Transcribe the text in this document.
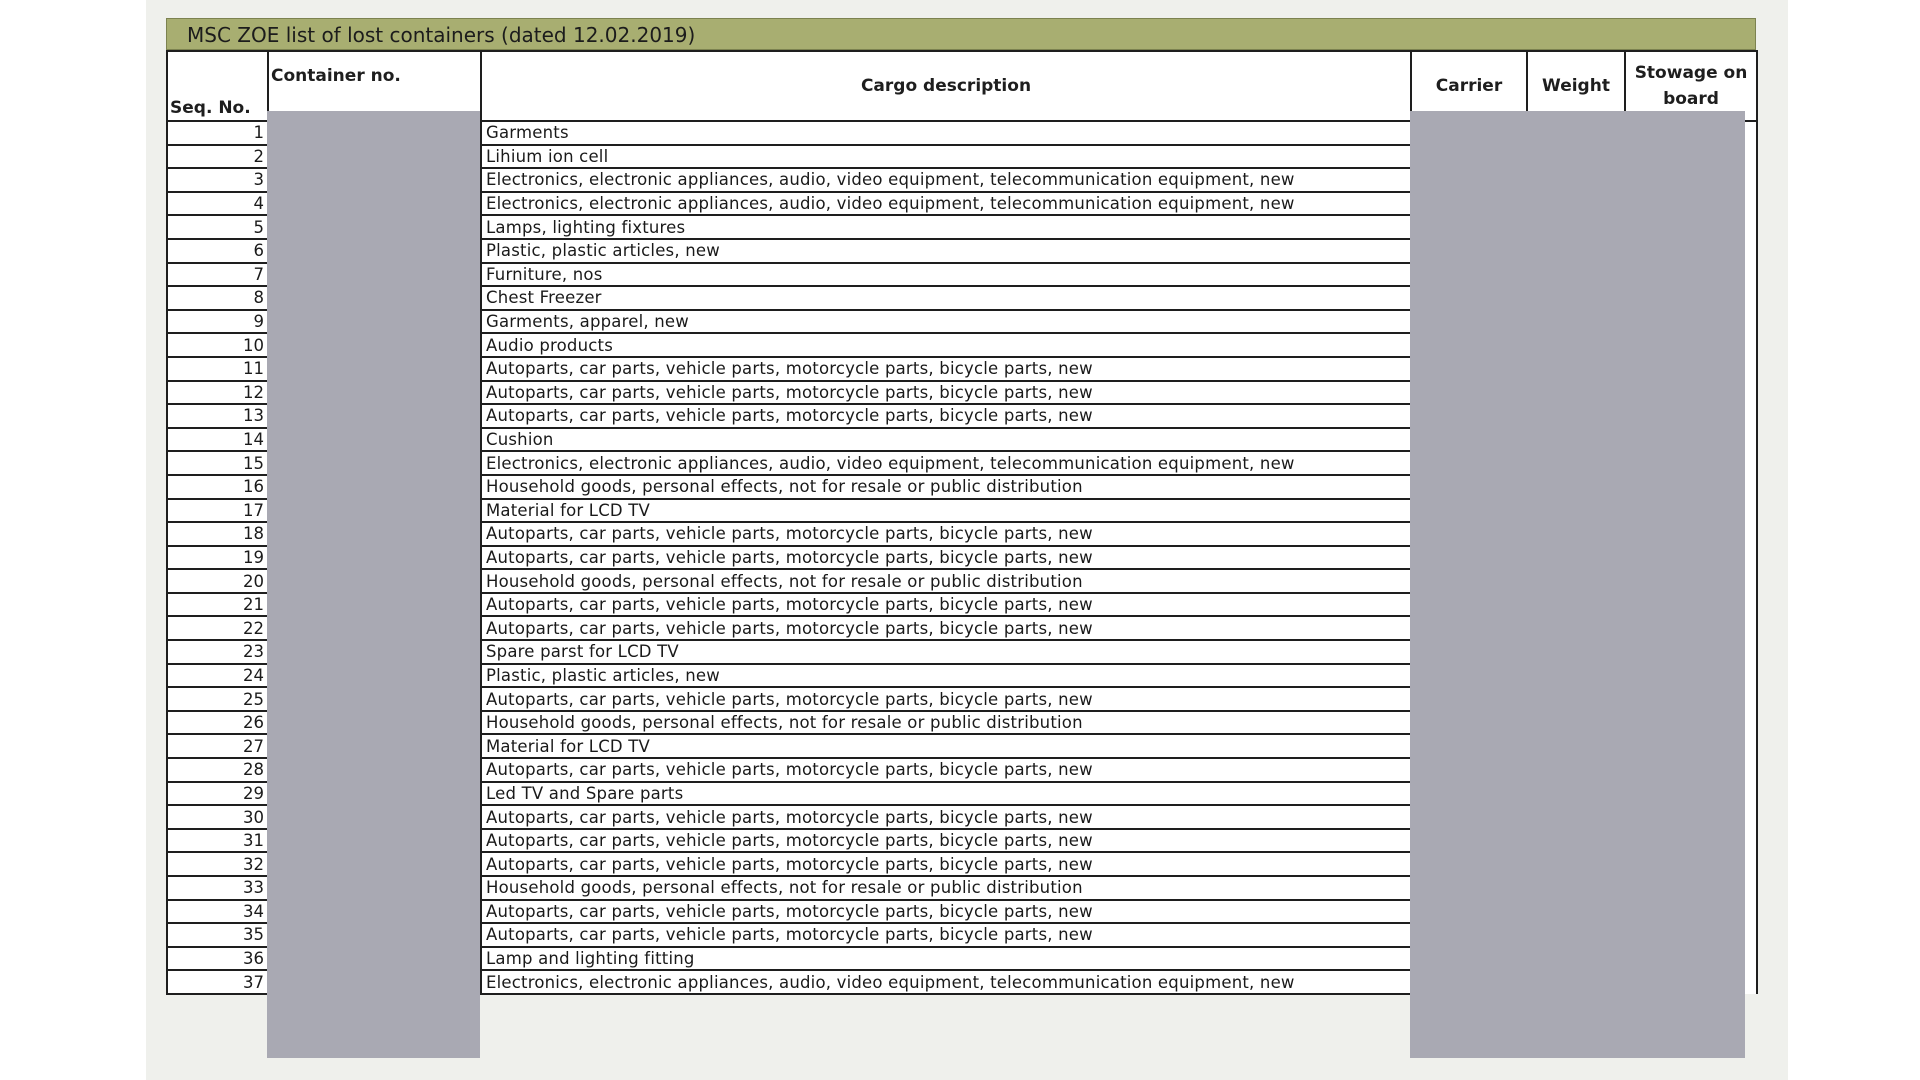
MSC ZOE list of lost containers (dated 12.02.2019)
Seq. No.	Container no.	Cargo description	Carrier	Weight	Stowage on board
1		Garments			
2		Lihium ion cell			
3		Electronics, electronic appliances, audio, video equipment, telecommunication equipment, new			
4		Electronics, electronic appliances, audio, video equipment, telecommunication equipment, new			
5		Lamps, lighting fixtures			
6		Plastic, plastic articles, new			
7		Furniture, nos			
8		Chest Freezer			
9		Garments, apparel, new			
10		Audio products			
11		Autoparts, car parts, vehicle parts, motorcycle parts, bicycle parts, new			
12		Autoparts, car parts, vehicle parts, motorcycle parts, bicycle parts, new			
13		Autoparts, car parts, vehicle parts, motorcycle parts, bicycle parts, new			
14		Cushion			
15		Electronics, electronic appliances, audio, video equipment, telecommunication equipment, new			
16		Household goods, personal effects, not for resale or public distribution			
17		Material for LCD TV			
18		Autoparts, car parts, vehicle parts, motorcycle parts, bicycle parts, new			
19		Autoparts, car parts, vehicle parts, motorcycle parts, bicycle parts, new			
20		Household goods, personal effects, not for resale or public distribution			
21		Autoparts, car parts, vehicle parts, motorcycle parts, bicycle parts, new			
22		Autoparts, car parts, vehicle parts, motorcycle parts, bicycle parts, new			
23		Spare parst for LCD TV			
24		Plastic, plastic articles, new			
25		Autoparts, car parts, vehicle parts, motorcycle parts, bicycle parts, new			
26		Household goods, personal effects, not for resale or public distribution			
27		Material for LCD TV			
28		Autoparts, car parts, vehicle parts, motorcycle parts, bicycle parts, new			
29		Led TV and Spare parts			
30		Autoparts, car parts, vehicle parts, motorcycle parts, bicycle parts, new			
31		Autoparts, car parts, vehicle parts, motorcycle parts, bicycle parts, new			
32		Autoparts, car parts, vehicle parts, motorcycle parts, bicycle parts, new			
33		Household goods, personal effects, not for resale or public distribution			
34		Autoparts, car parts, vehicle parts, motorcycle parts, bicycle parts, new			
35		Autoparts, car parts, vehicle parts, motorcycle parts, bicycle parts, new			
36		Lamp and lighting fitting			
37		Electronics, electronic appliances, audio, video equipment, telecommunication equipment, new			
